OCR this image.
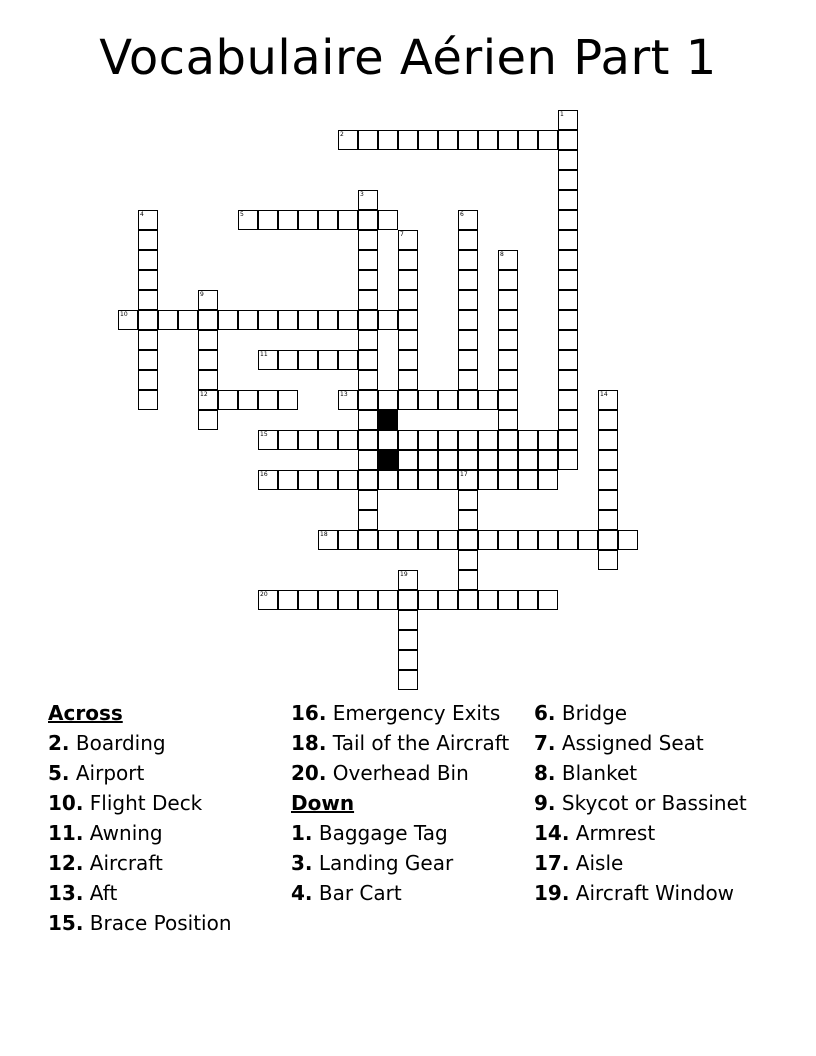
Vocabulaire Aérien Part 1
1
2
3
4	5	6
7
8
9
12
10
11
13	14
15
16	17
18
19
20
Across
2. Boarding
5. Airport
10. Flight Deck
11. Awning
12. Aircraft
13. Aft
15. Brace Position
16. Emergency Exits
18. Tail of the Aircraft
20. Overhead Bin
Down
1. Baggage Tag
3. Landing Gear
4. Bar Cart
6. Bridge
7. Assigned Seat
8. Blanket
9. Skycot or Bassinet
14. Armrest
17. Aisle
19. Aircraft Window
